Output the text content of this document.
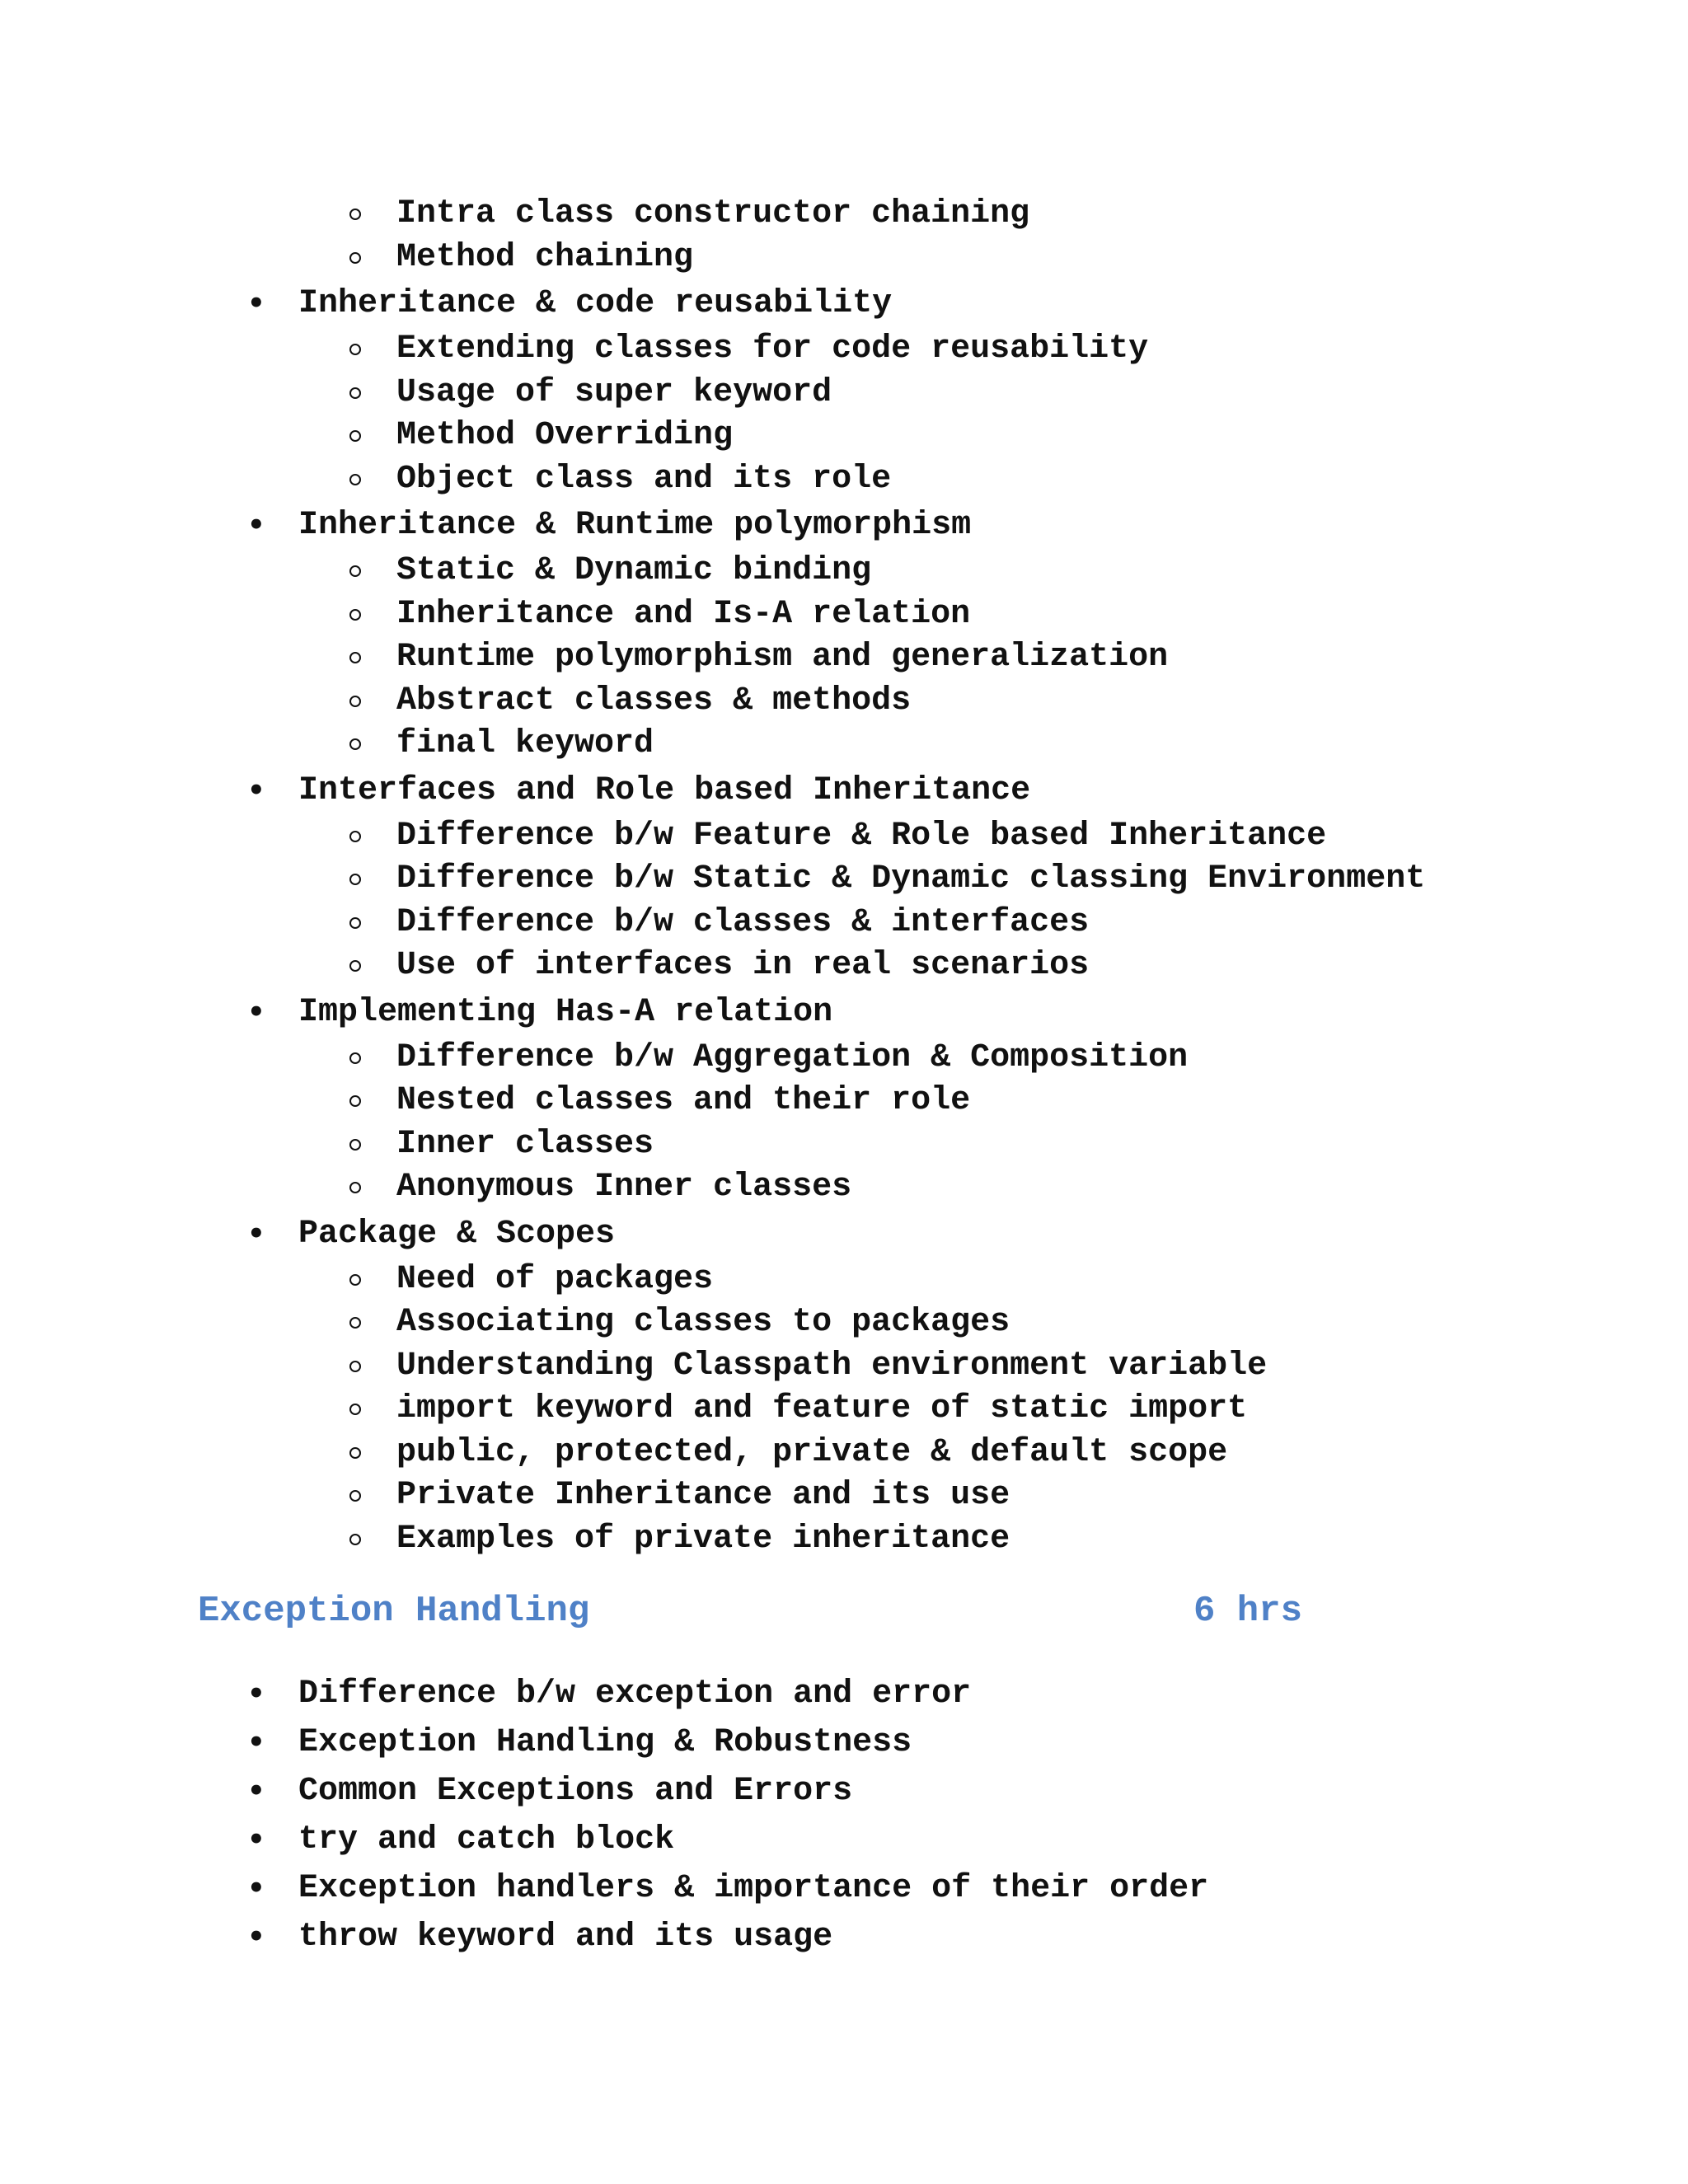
Intra class constructor chaining
Method chaining
• Inheritance & code reusability
Extending classes for code reusability
Usage of super keyword
Method Overriding
Object class and its role
• Inheritance & Runtime polymorphism
Static & Dynamic binding
Inheritance and Is-A relation
Runtime polymorphism and generalization
Abstract classes & methods
final keyword
• Interfaces and Role based Inheritance
Difference b/w Feature & Role based Inheritance
Difference b/w Static & Dynamic classing Environment
Difference b/w classes & interfaces
Use of interfaces in real scenarios
• Implementing Has-A relation
Difference b/w Aggregation & Composition
Nested classes and their role
Inner classes
Anonymous Inner classes
• Package & Scopes
Need of packages
Associating classes to packages
Understanding Classpath environment variable
import keyword and feature of static import
public, protected, private & default scope
Private Inheritance and its use
Examples of private inheritance
Exception Handling	6 hrs
• Difference b/w exception and error
• Exception Handling & Robustness
• Common Exceptions and Errors
• try and catch block
• Exception handlers & importance of their order
• throw keyword and its usage
